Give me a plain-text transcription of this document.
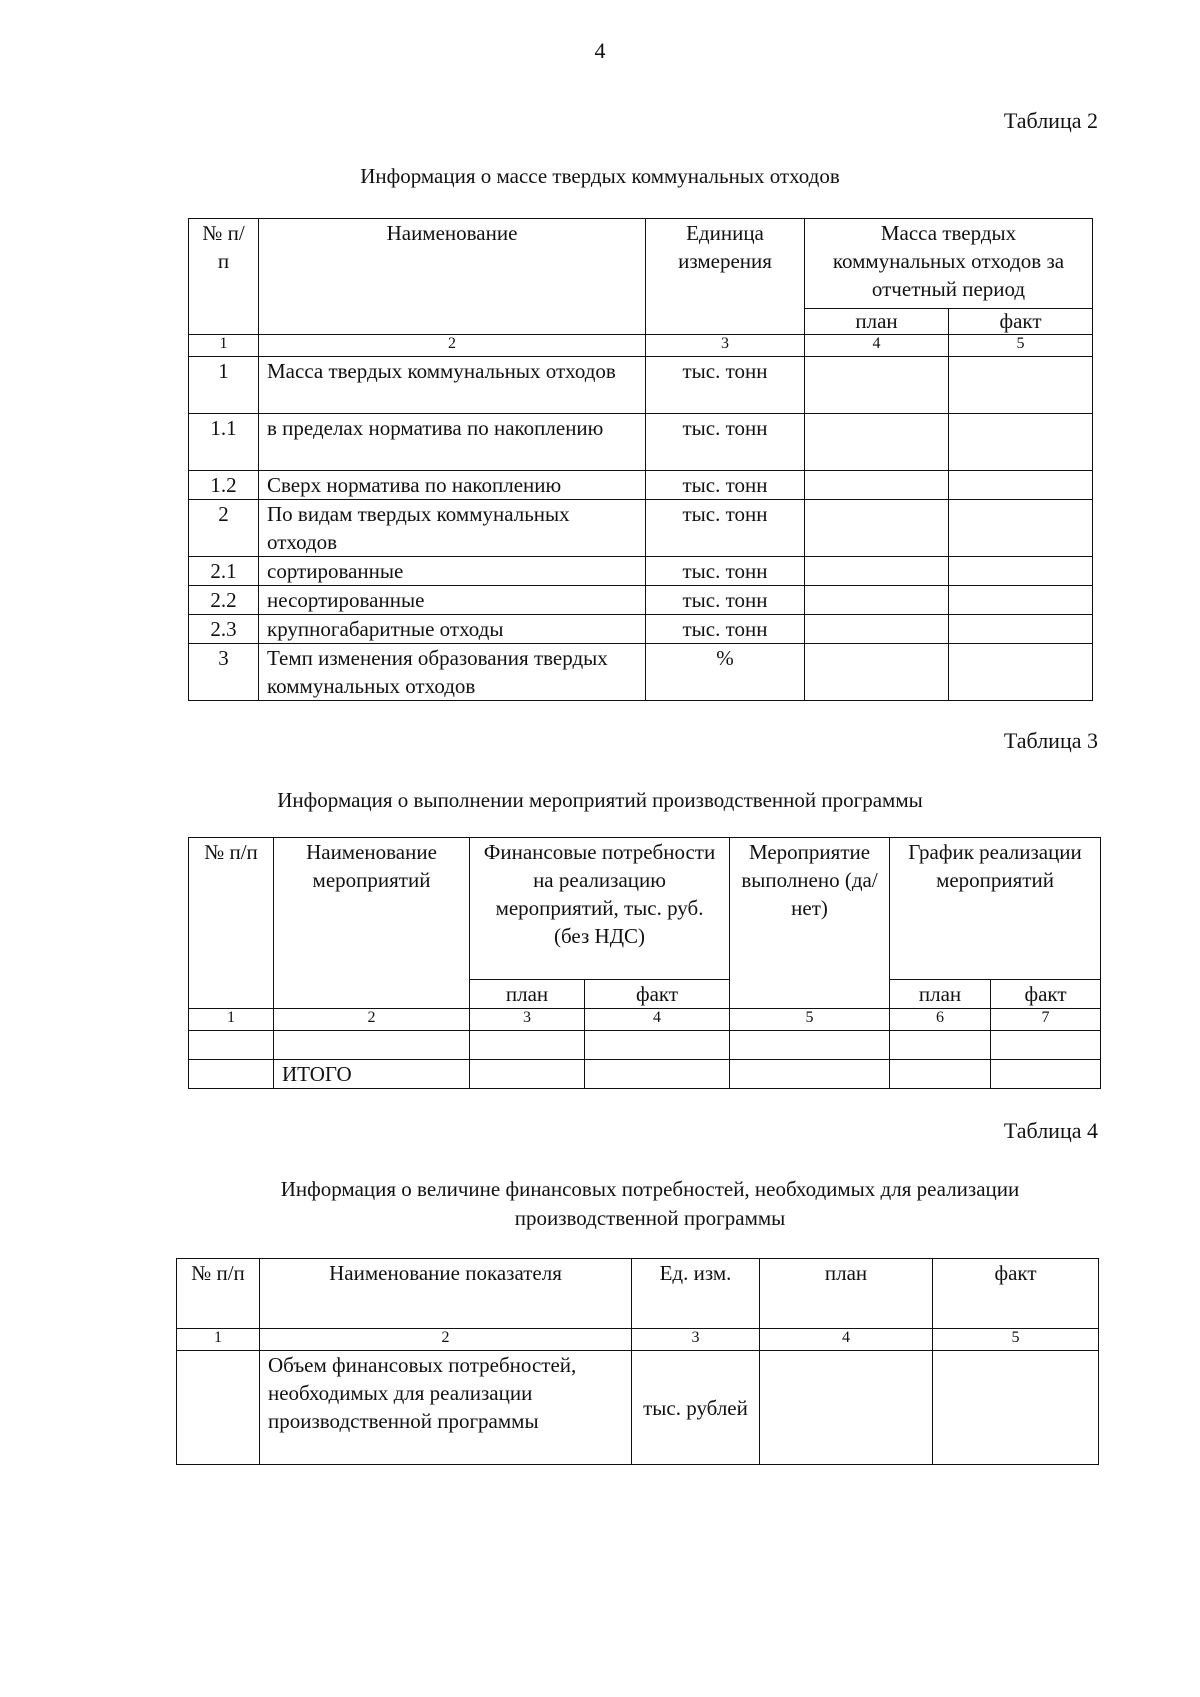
4
Таблица 2
Информация о массе твердых коммунальных отходов
№ п/п	Наименование	Единица измерения	Масса твердых коммунальных отходов за отчетный период	
			план	факт
1	2	3	4	5
1	Масса твердых коммунальных отходов	тыс. тонн		
1.1	в пределах норматива по накоплению	тыс. тонн		
1.2	Сверх норматива по накоплению	тыс. тонн		
2	По видам твердых коммунальных отходов	тыс. тонн		
2.1	сортированные	тыс. тонн		
2.2	несортированные	тыс. тонн		
2.3	крупногабаритные отходы	тыс. тонн		
3	Темп изменения образования твердых коммунальных отходов	%		
Таблица 3
Информация о выполнении мероприятий производственной программы
№ п/п	Наименование мероприятий	Финансовые потребности на реализацию мероприятий, тыс. руб. (без НДС)		Мероприятие выполнено (да/нет)	График реализации мероприятий	
		план	факт		план	факт
1	2	3	4	5	6	7

	ИТОГО					
Таблица 4
Информация о величине финансовых потребностей, необходимых для реализации производственной программы
№ п/п	Наименование показателя	Ед. изм.	план	факт
1	2	3	4	5
	Объем финансовых потребностей, необходимых для реализации производственной программы	тыс. рублей		
